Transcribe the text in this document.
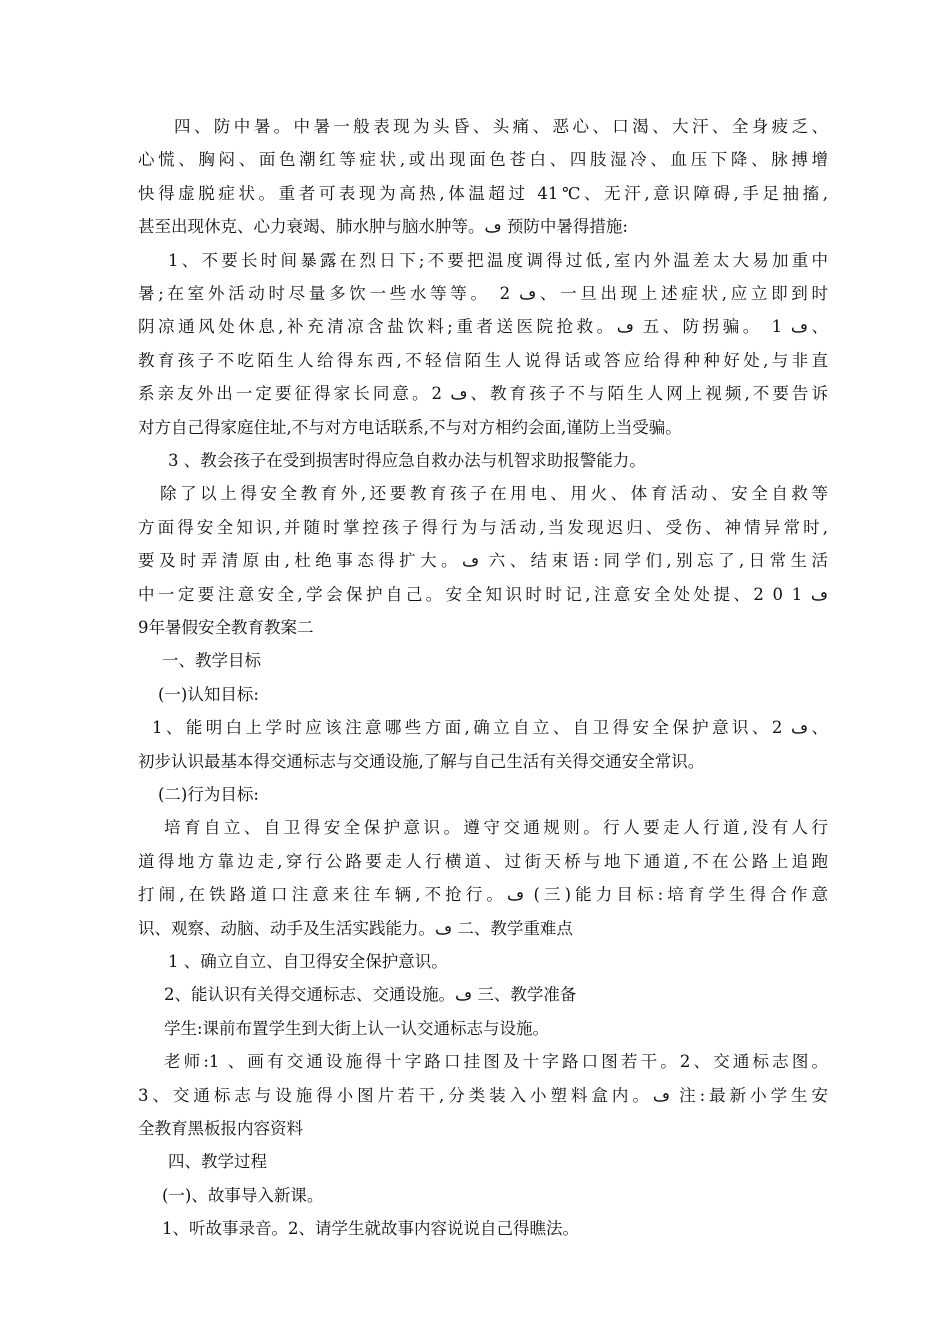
四、防中暑。中暑一般表现为头昏、头痛、恶心、口渴、大汗、全身疲乏、
心慌、胸闷、面色潮红等症状,或出现面色苍白、四肢湿冷、血压下降、脉搏增
快得虚脱症状。重者可表现为高热,体温超过 41℃、无汗,意识障碍,手足抽搐,
甚至出现休克、心力衰竭、肺水肿与脑水肿等。ڡ 预防中暑得措施:
1、不要长时间暴露在烈日下;不要把温度调得过低,室内外温差太大易加重中
暑;在室外活动时尽量多饮一些水等等。 2 ڡ、一旦出现上述症状,应立即到时
阴凉通风处休息,补充清凉含盐饮料;重者送医院抢救。ڡ 五、防拐骗。 1 ڡ、
教育孩子不吃陌生人给得东西,不轻信陌生人说得话或答应给得种种好处,与非直
系亲友外出一定要征得家长同意。2 ڡ、教育孩子不与陌生人网上视频,不要告诉
对方自己得家庭住址,不与对方电话联系,不与对方相约会面,谨防上当受骗。
3 、教会孩子在受到损害时得应急自救办法与机智求助报警能力。
除了以上得安全教育外,还要教育孩子在用电、用火、体育活动、安全自救等
方面得安全知识,并随时掌控孩子得行为与活动,当发现迟归、受伤、神情异常时,
要及时弄清原由,杜绝事态得扩大。ڡ 六、结束语:同学们,别忘了,日常生活
中一定要注意安全,学会保护自己。安全知识时时记,注意安全处处提、2 0 1 ڡ
9年暑假安全教育教案二
一、教学目标
(一)认知目标:
1、能明白上学时应该注意哪些方面,确立自立、自卫得安全保护意识、2 ڡ、
初步认识最基本得交通标志与交通设施,了解与自己生活有关得交通安全常识。
(二)行为目标:
培育自立、自卫得安全保护意识。遵守交通规则。行人要走人行道,没有人行
道得地方靠边走,穿行公路要走人行横道、过街天桥与地下通道,不在公路上追跑
打闹,在铁路道口注意来往车辆,不抢行。ڡ (三)能力目标:培育学生得合作意
识、观察、动脑、动手及生活实践能力。ڡ 二、教学重难点
1 、确立自立、自卫得安全保护意识。
2、能认识有关得交通标志、交通设施。ڡ 三、教学准备
学生:课前布置学生到大街上认一认交通标志与设施。
老师:1 、画有交通设施得十字路口挂图及十字路口图若干。2、交通标志图。
3、交通标志与设施得小图片若干,分类装入小塑料盒内。ڡ 注:最新小学生安
全教育黑板报内容资料
四、教学过程
(一)、故事导入新课。
1、听故事录音。2、请学生就故事内容说说自己得瞧法。
